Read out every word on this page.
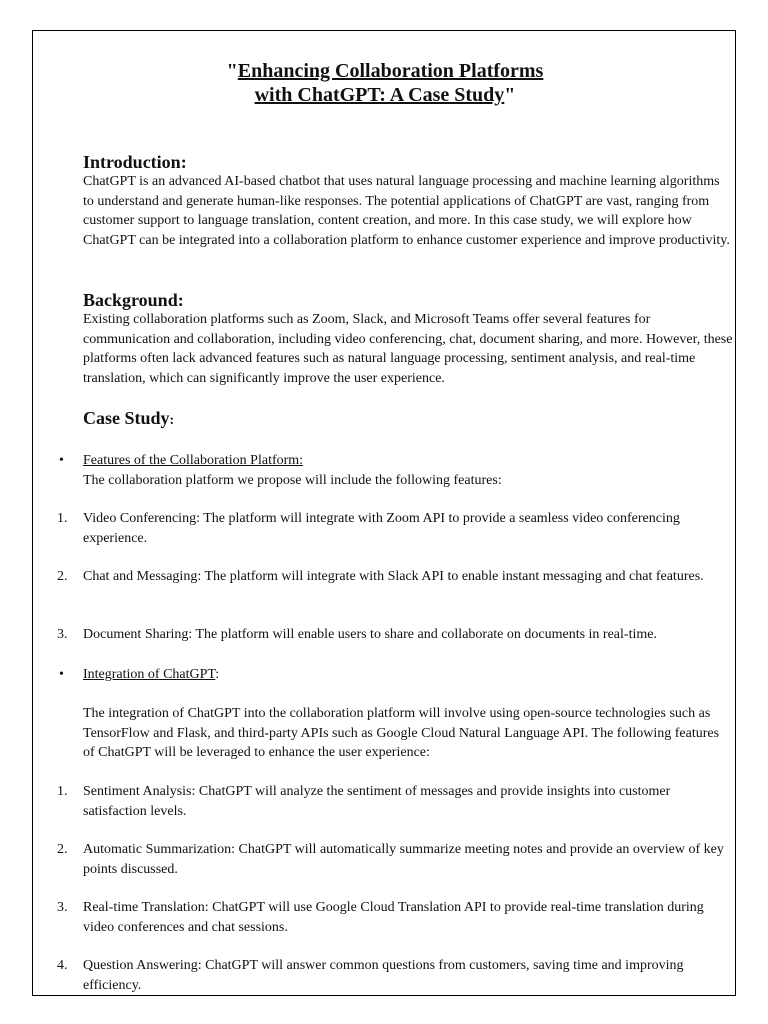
"Enhancing Collaboration Platforms
with ChatGPT: A Case Study"
Introduction:
ChatGPT is an advanced AI-based chatbot that uses natural language processing and machine learning algorithms to understand and generate human-like responses. The potential applications of ChatGPT are vast, ranging from customer support to language translation, content creation, and more. In this case study, we will explore how ChatGPT can be integrated into a collaboration platform to enhance customer experience and improve productivity.
Background:
Existing collaboration platforms such as Zoom, Slack, and Microsoft Teams offer several features for communication and collaboration, including video conferencing, chat, document sharing, and more. However, these platforms often lack advanced features such as natural language processing, sentiment analysis, and real-time translation, which can significantly improve the user experience.
Case Study:
• Features of the Collaboration Platform:
The collaboration platform we propose will include the following features:
1. Video Conferencing: The platform will integrate with Zoom API to provide a seamless video conferencing experience.
2. Chat and Messaging: The platform will integrate with Slack API to enable instant messaging and chat features.
3. Document Sharing: The platform will enable users to share and collaborate on documents in real-time.
• Integration of ChatGPT:
The integration of ChatGPT into the collaboration platform will involve using open-source technologies such as TensorFlow and Flask, and third-party APIs such as Google Cloud Natural Language API. The following features of ChatGPT will be leveraged to enhance the user experience:
1. Sentiment Analysis: ChatGPT will analyze the sentiment of messages and provide insights into customer satisfaction levels.
2. Automatic Summarization: ChatGPT will automatically summarize meeting notes and provide an overview of key points discussed.
3. Real-time Translation: ChatGPT will use Google Cloud Translation API to provide real-time translation during video conferences and chat sessions.
4. Question Answering: ChatGPT will answer common questions from customers, saving time and improving efficiency.
